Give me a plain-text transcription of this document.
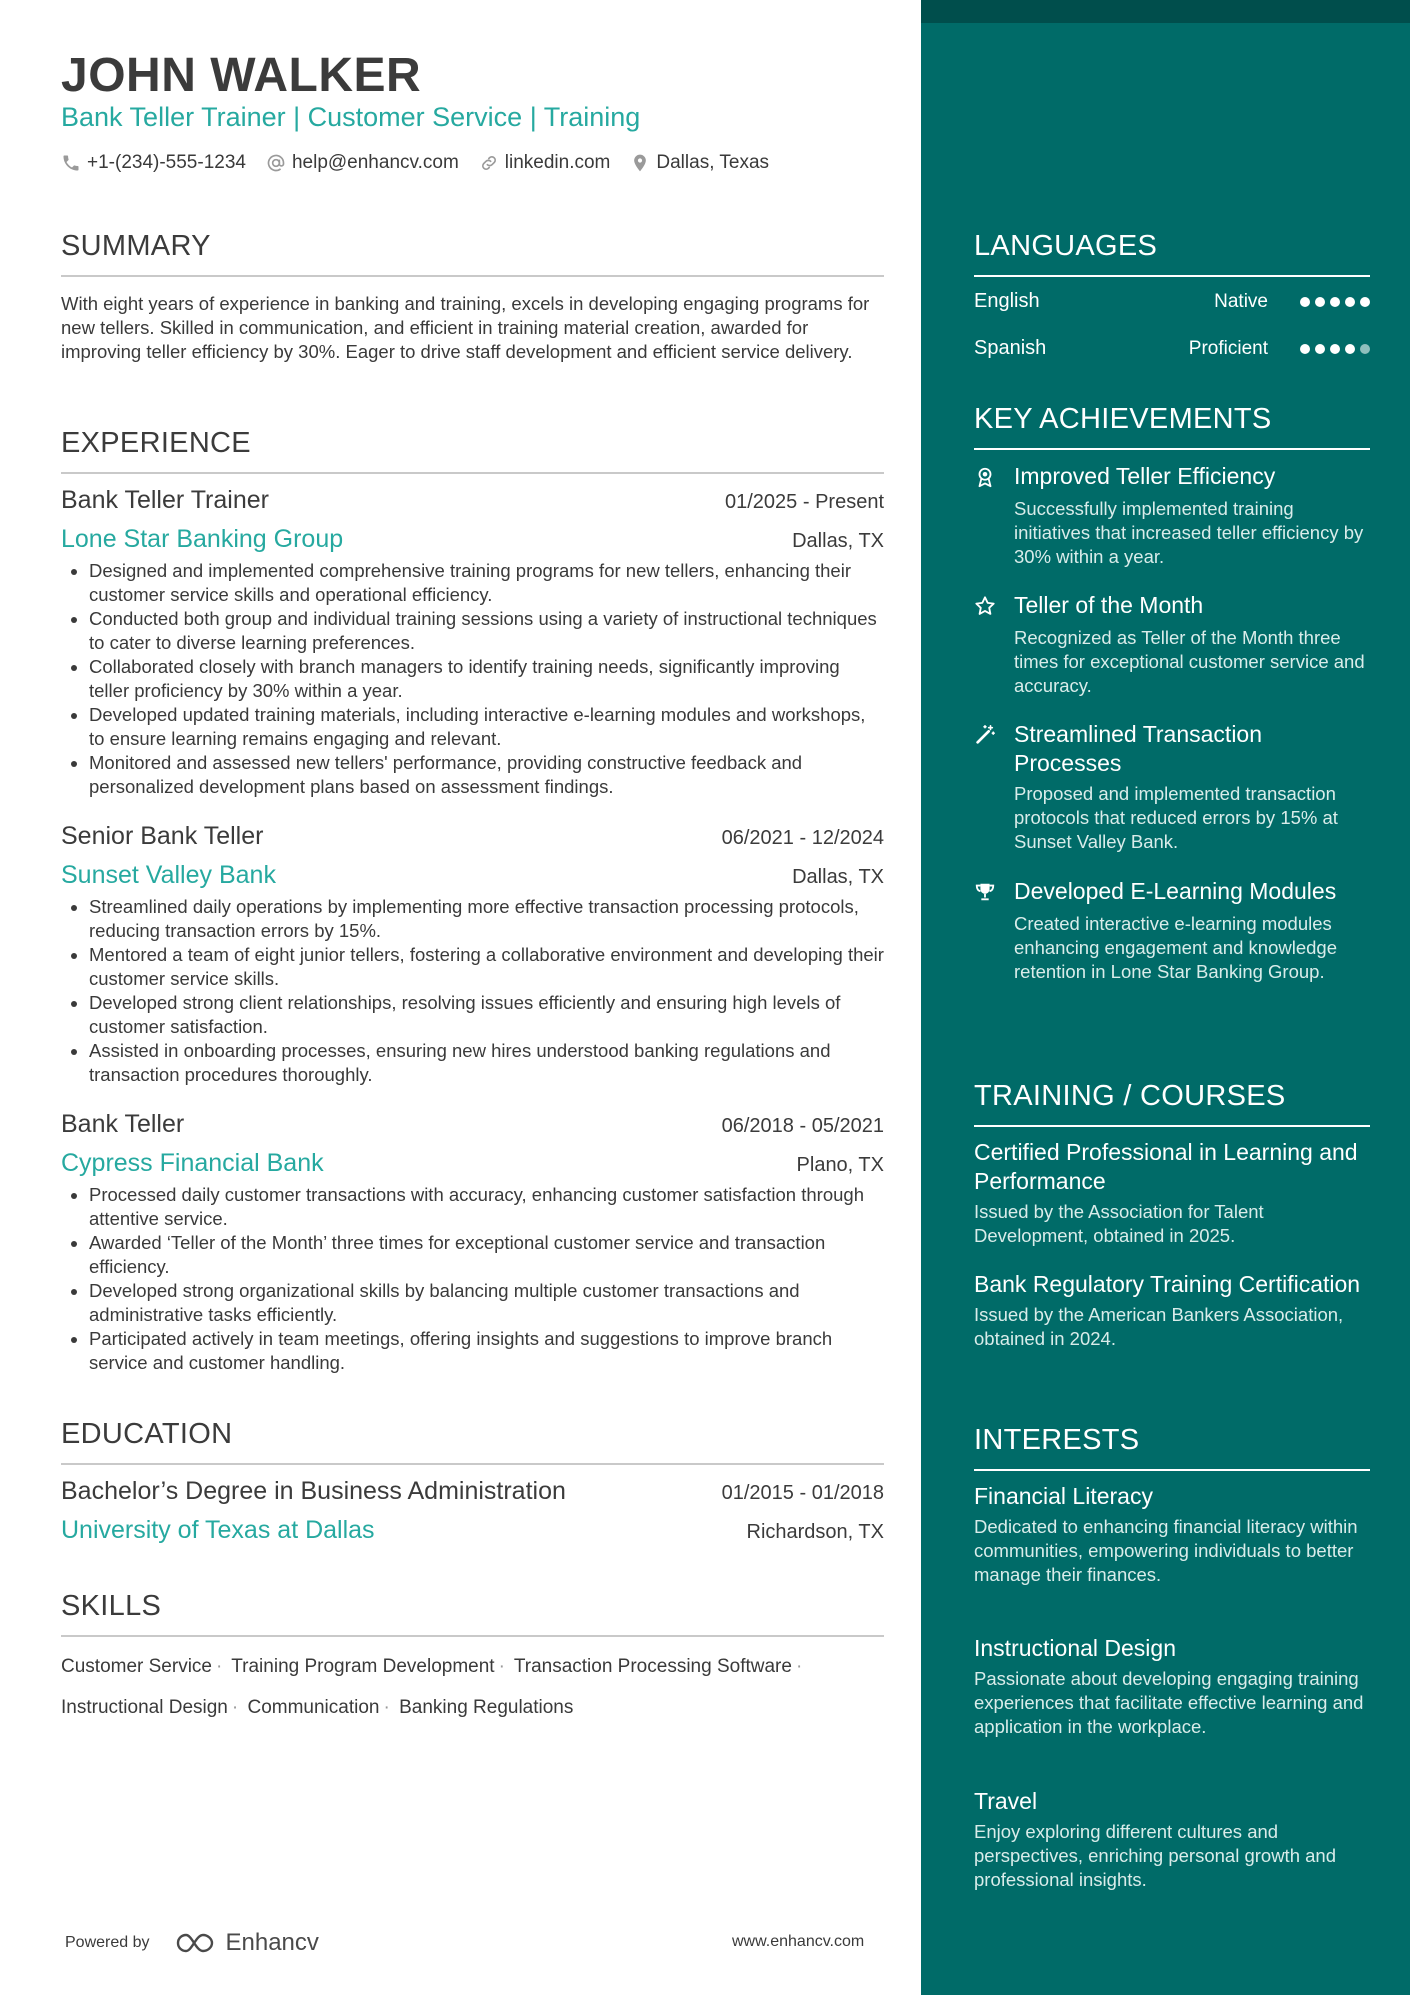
JOHN WALKER
Bank Teller Trainer | Customer Service | Training
+1-(234)-555-1234 help@enhancv.com linkedin.com Dallas, Texas
SUMMARY
With eight years of experience in banking and training, excels in developing engaging programs for new tellers. Skilled in communication, and efficient in training material creation, awarded for improving teller efficiency by 30%. Eager to drive staff development and efficient service delivery.
EXPERIENCE
Bank Teller Trainer	01/2025 - Present
Lone Star Banking Group	Dallas, TX
Designed and implemented comprehensive training programs for new tellers, enhancing their customer service skills and operational efficiency.
Conducted both group and individual training sessions using a variety of instructional techniques to cater to diverse learning preferences.
Collaborated closely with branch managers to identify training needs, significantly improving teller proficiency by 30% within a year.
Developed updated training materials, including interactive e-learning modules and workshops, to ensure learning remains engaging and relevant.
Monitored and assessed new tellers' performance, providing constructive feedback and personalized development plans based on assessment findings.
Senior Bank Teller	06/2021 - 12/2024
Sunset Valley Bank	Dallas, TX
Streamlined daily operations by implementing more effective transaction processing protocols, reducing transaction errors by 15%.
Mentored a team of eight junior tellers, fostering a collaborative environment and developing their customer service skills.
Developed strong client relationships, resolving issues efficiently and ensuring high levels of customer satisfaction.
Assisted in onboarding processes, ensuring new hires understood banking regulations and transaction procedures thoroughly.
Bank Teller	06/2018 - 05/2021
Cypress Financial Bank	Plano, TX
Processed daily customer transactions with accuracy, enhancing customer satisfaction through attentive service.
Awarded ‘Teller of the Month’ three times for exceptional customer service and transaction efficiency.
Developed strong organizational skills by balancing multiple customer transactions and administrative tasks efficiently.
Participated actively in team meetings, offering insights and suggestions to improve branch service and customer handling.
EDUCATION
Bachelor’s Degree in Business Administration	01/2015 - 01/2018
University of Texas at Dallas	Richardson, TX
SKILLS
Customer Service · Training Program Development · Transaction Processing Software ·
Instructional Design · Communication · Banking Regulations
Powered by	Enhancv	www.enhancv.com
LANGUAGES
English	Native
Spanish	Proficient
KEY ACHIEVEMENTS
Improved Teller Efficiency
Successfully implemented training initiatives that increased teller efficiency by 30% within a year.
Teller of the Month
Recognized as Teller of the Month three times for exceptional customer service and accuracy.
Streamlined Transaction Processes
Proposed and implemented transaction protocols that reduced errors by 15% at Sunset Valley Bank.
Developed E-Learning Modules
Created interactive e-learning modules enhancing engagement and knowledge retention in Lone Star Banking Group.
TRAINING / COURSES
Certified Professional in Learning and Performance
Issued by the Association for Talent Development, obtained in 2025.
Bank Regulatory Training Certification
Issued by the American Bankers Association, obtained in 2024.
INTERESTS
Financial Literacy
Dedicated to enhancing financial literacy within communities, empowering individuals to better manage their finances.
Instructional Design
Passionate about developing engaging training experiences that facilitate effective learning and application in the workplace.
Travel
Enjoy exploring different cultures and perspectives, enriching personal growth and professional insights.
